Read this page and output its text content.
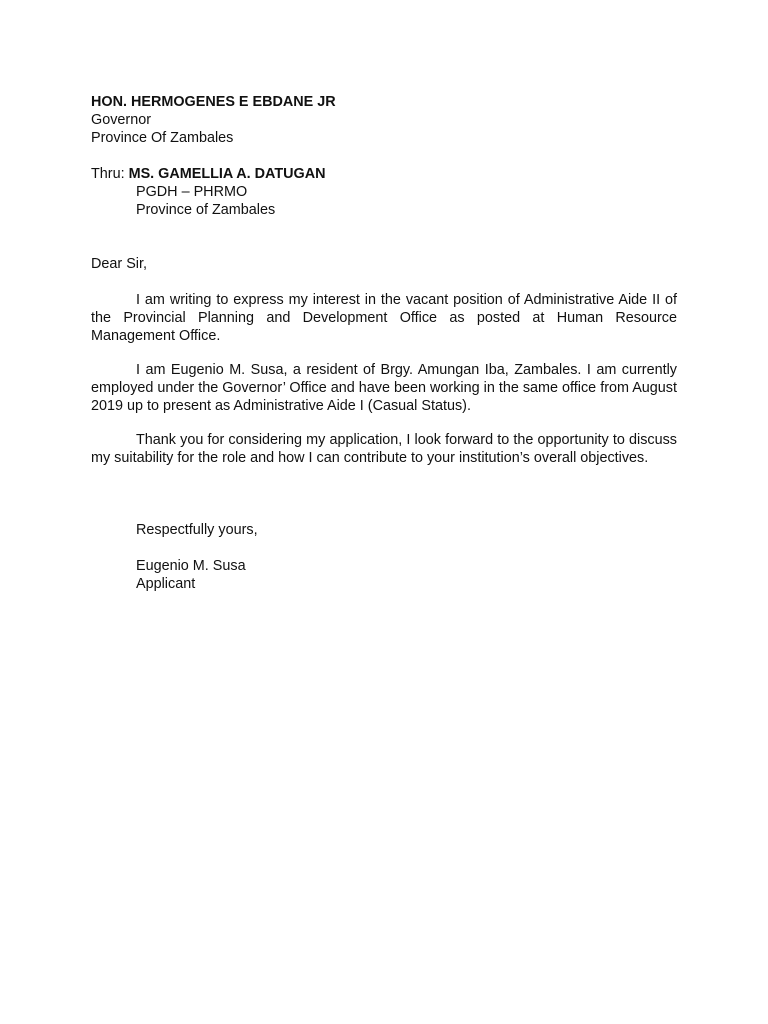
HON. HERMOGENES E EBDANE JR
Governor
Province Of Zambales
Thru: MS. GAMELLIA A. DATUGAN
PGDH – PHRMO
Province of Zambales
Dear Sir,
I am writing to express my interest in the vacant position of Administrative Aide II of the Provincial Planning and Development Office as posted at Human Resource Management Office.
I am Eugenio M. Susa, a resident of Brgy. Amungan Iba, Zambales. I am currently employed under the Governor’ Office and have been working in the same office from August 2019 up to present as Administrative Aide I (Casual Status).
Thank you for considering my application, I look forward to the opportunity to discuss my suitability for the role and how I can contribute to your institution’s overall objectives.
Respectfully yours,
Eugenio M. Susa
Applicant
